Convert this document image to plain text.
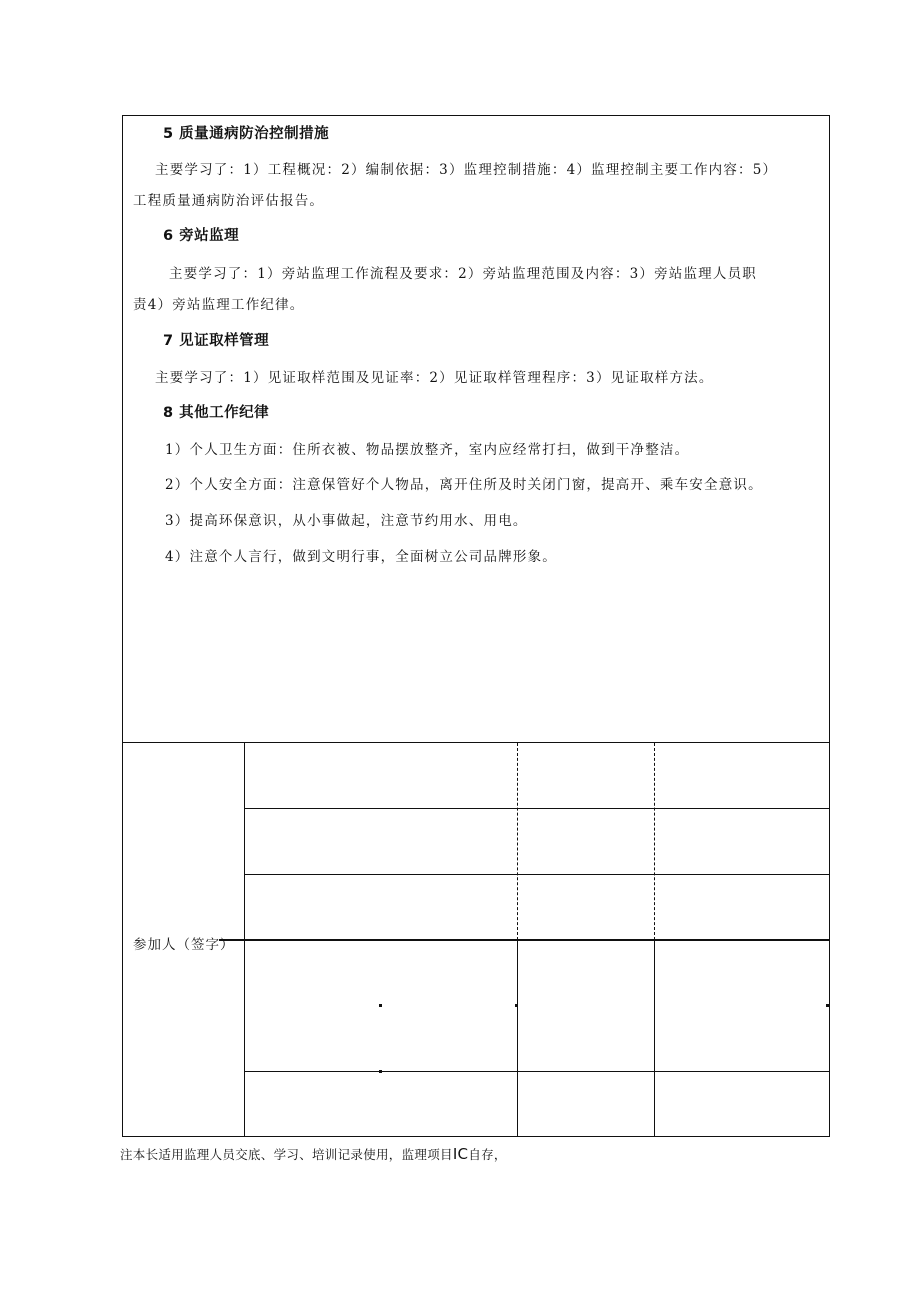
5 质量通病防治控制措施
主要学习了：1）工程概况：2）编制依据：3）监理控制措施：4）监理控制主要工作内容：5）
工程质量通病防治评估报告。
6 旁站监理
主要学习了：1）旁站监理工作流程及要求：2）旁站监理范围及内容：3）旁站监理人员职
责4）旁站监理工作纪律。
7 见证取样管理
主要学习了：1）见证取样范围及见证率：2）见证取样管理程序：3）见证取样方法。
8 其他工作纪律
1）个人卫生方面：住所衣被、物品摆放整齐，室内应经常打扫，做到干净整洁。
2）个人安全方面：注意保管好个人物品，离开住所及时关闭门窗，提高开、乘车安全意识。
3）提高环保意识，从小事做起，注意节约用水、用电。
4）注意个人言行，做到文明行事，全面树立公司品牌形象。
参加人（签字）
注本长适用监理人员交底、学习、培训记录使用，监理项目IC自存，
